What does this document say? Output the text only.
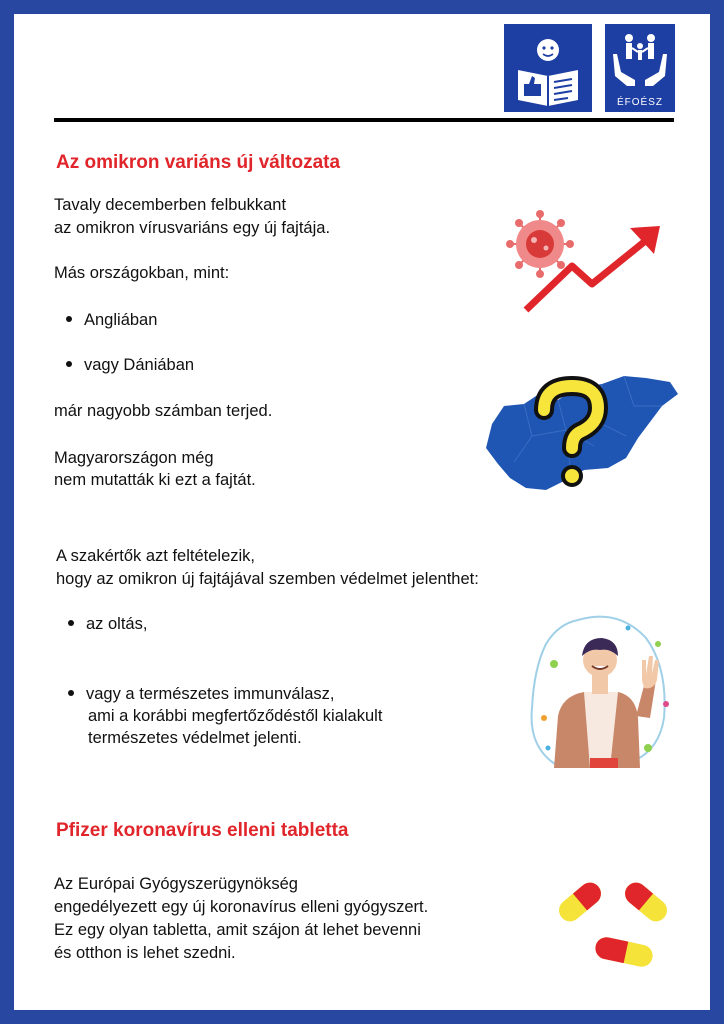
ÉFOÉSZ
Az omikron variáns új változata
Tavaly decemberben felbukkant
az omikron vírusvariáns egy új fajtája.
Más országokban, mint:
Angliában
vagy Dániában
már nagyobb számban terjed.
Magyarországon még
nem mutatták ki ezt a fajtát.
A szakértők azt feltételezik,
hogy az omikron új fajtájával szemben védelmet jelenthet:
az oltás,
vagy a természetes immunválasz,
ami a korábbi megfertőződéstől kialakult
természetes védelmet jelenti.
Pfizer koronavírus elleni tabletta
Az Európai Gyógyszerügynökség
engedélyezett egy új koronavírus elleni gyógyszert.
Ez egy olyan tabletta, amit szájon át lehet bevenni
és otthon is lehet szedni.
